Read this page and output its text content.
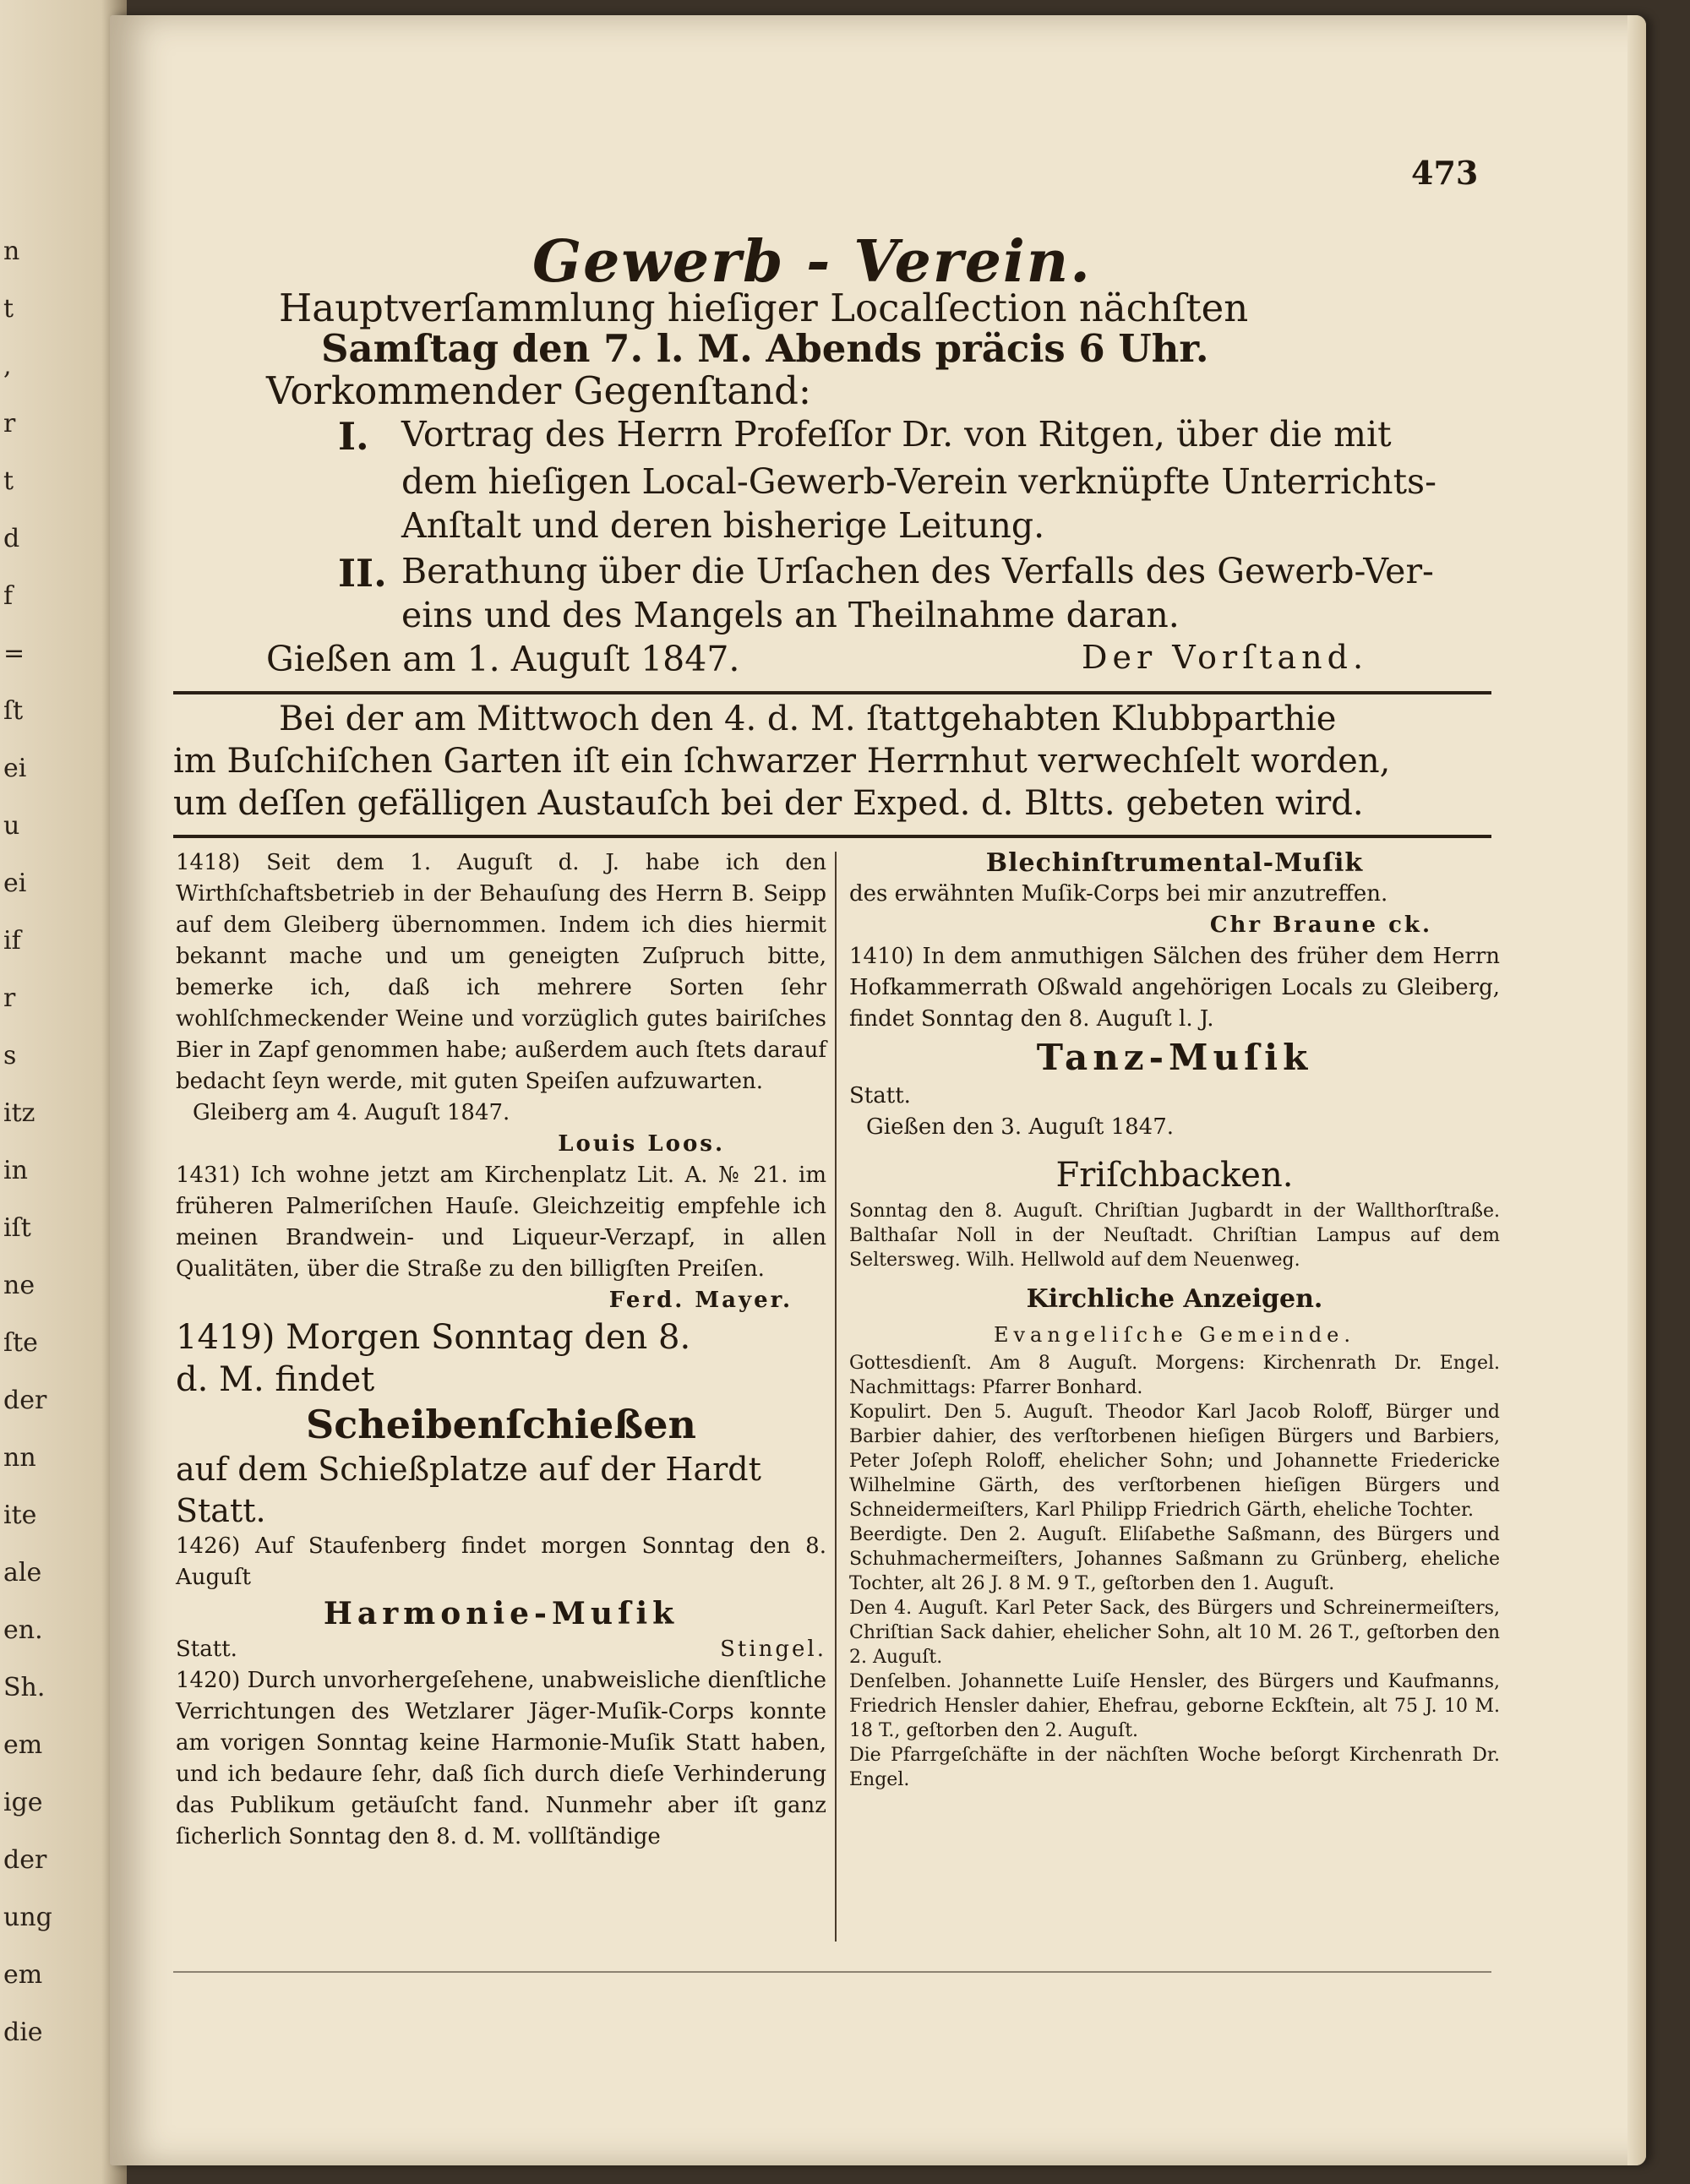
n
t
,
r
t
d
f
=
ſt
ei
u
ei
if
r
s
itz
in
iſt
ne
ſte
der
nn
ite
ale
en.
Sh.
em
ige
der
ung
em
die
473
Gewerb - Verein.
Hauptverſammlung hieſiger Localſection nächſten
Samſtag den 7. l. M. Abends präcis 6 Uhr.
Vorkommender Gegenſtand:
I. Vortrag des Herrn Profeſſor Dr. von Ritgen, über die mit
dem hieſigen Local-Gewerb-Verein verknüpfte Unterrichts-
Anſtalt und deren bisherige Leitung.
II. Berathung über die Urſachen des Verfalls des Gewerb-Ver-
eins und des Mangels an Theilnahme daran.
Gießen am 1. Auguſt 1847.	Der Vorſtand.
Bei der am Mittwoch den 4. d. M. ſtattgehabten Klubbparthie
im Buſchiſchen Garten iſt ein ſchwarzer Herrnhut verwechſelt worden,
um deſſen gefälligen Austauſch bei der Exped. d. Bltts. gebeten wird.

1418) Seit dem 1. Auguſt d. J. habe ich den Wirthſchaftsbetrieb in der Behauſung des Herrn B. Seipp auf dem Gleiberg übernommen. Indem ich dies hiermit bekannt mache und um geneigten Zuſpruch bitte, bemerke ich, daß ich mehrere Sorten ſehr wohlſchmeckender Weine und vorzüglich gutes bairiſches Bier in Zapf genommen habe; außerdem auch ſtets darauf bedacht ſeyn werde, mit guten Speiſen aufzuwarten.

Gleiberg am 4. Auguſt 1847.

Louis Loos.

1431) Ich wohne jetzt am Kirchenplatz Lit. A. № 21. im früheren Palmeriſchen Hauſe. Gleichzeitig empfehle ich meinen Brandwein- und Liqueur-Verzapf, in allen Qualitäten, über die Straße zu den billigſten Preiſen.

Ferd. Mayer.

1419) Morgen Sonntag den 8.

d. M. findet

Scheibenſchießen

auf dem Schießplatze auf der Hardt

Statt.

1426) Auf Staufenberg findet morgen Sonntag den 8. Auguſt

Harmonie-Muſik

Statt.	Stingel.

1420) Durch unvorhergeſehene, unabweisliche dienſtliche Verrichtungen des Wetzlarer Jäger-Muſik-Corps konnte am vorigen Sonntag keine Harmonie-Muſik Statt haben, und ich bedaure ſehr, daß ſich durch dieſe Verhinderung das Publikum getäuſcht fand. Nunmehr aber iſt ganz ſicherlich Sonntag den 8. d. M. vollſtändige

Blechinſtrumental-Muſik

des erwähnten Muſik-Corps bei mir anzutreffen.

Chr Braune ck.

1410) In dem anmuthigen Sälchen des früher dem Herrn Hofkammerrath Oßwald angehörigen Locals zu Gleiberg, findet Sonntag den 8. Auguſt l. J.

Tanz-Muſik

Statt.

Gießen den 3. Auguſt 1847.

Friſchbacken.

Sonntag den 8. Auguſt. Chriſtian Jugbardt in der Wallthorſtraße. Balthaſar Noll in der Neuſtadt. Chriſtian Lampus auf dem Seltersweg. Wilh. Hellwold auf dem Neuenweg.

Kirchliche Anzeigen.

Evangeliſche Gemeinde.

Gottesdienſt. Am 8 Auguſt. Morgens: Kirchenrath Dr. Engel. Nachmittags: Pfarrer Bonhard.

Kopulirt. Den 5. Auguſt. Theodor Karl Jacob Roloff, Bürger und Barbier dahier, des verſtorbenen hieſigen Bürgers und Barbiers, Peter Joſeph Roloff, ehelicher Sohn; und Johannette Friedericke Wilhelmine Gärth, des verſtorbenen hieſigen Bürgers und Schneidermeiſters, Karl Philipp Friedrich Gärth, eheliche Tochter.

Beerdigte. Den 2. Auguſt. Eliſabethe Saßmann, des Bürgers und Schuhmachermeiſters, Johannes Saßmann zu Grünberg, eheliche Tochter, alt 26 J. 8 M. 9 T., geſtorben den 1. Auguſt.

Den 4. Auguſt. Karl Peter Sack, des Bürgers und Schreinermeiſters, Chriſtian Sack dahier, ehelicher Sohn, alt 10 M. 26 T., geſtorben den 2. Auguſt.

Denſelben. Johannette Luiſe Hensler, des Bürgers und Kaufmanns, Friedrich Hensler dahier, Ehefrau, geborne Eckſtein, alt 75 J. 10 M. 18 T., geſtorben den 2. Auguſt.

Die Pfarrgeſchäfte in der nächſten Woche beſorgt Kirchenrath Dr. Engel.
